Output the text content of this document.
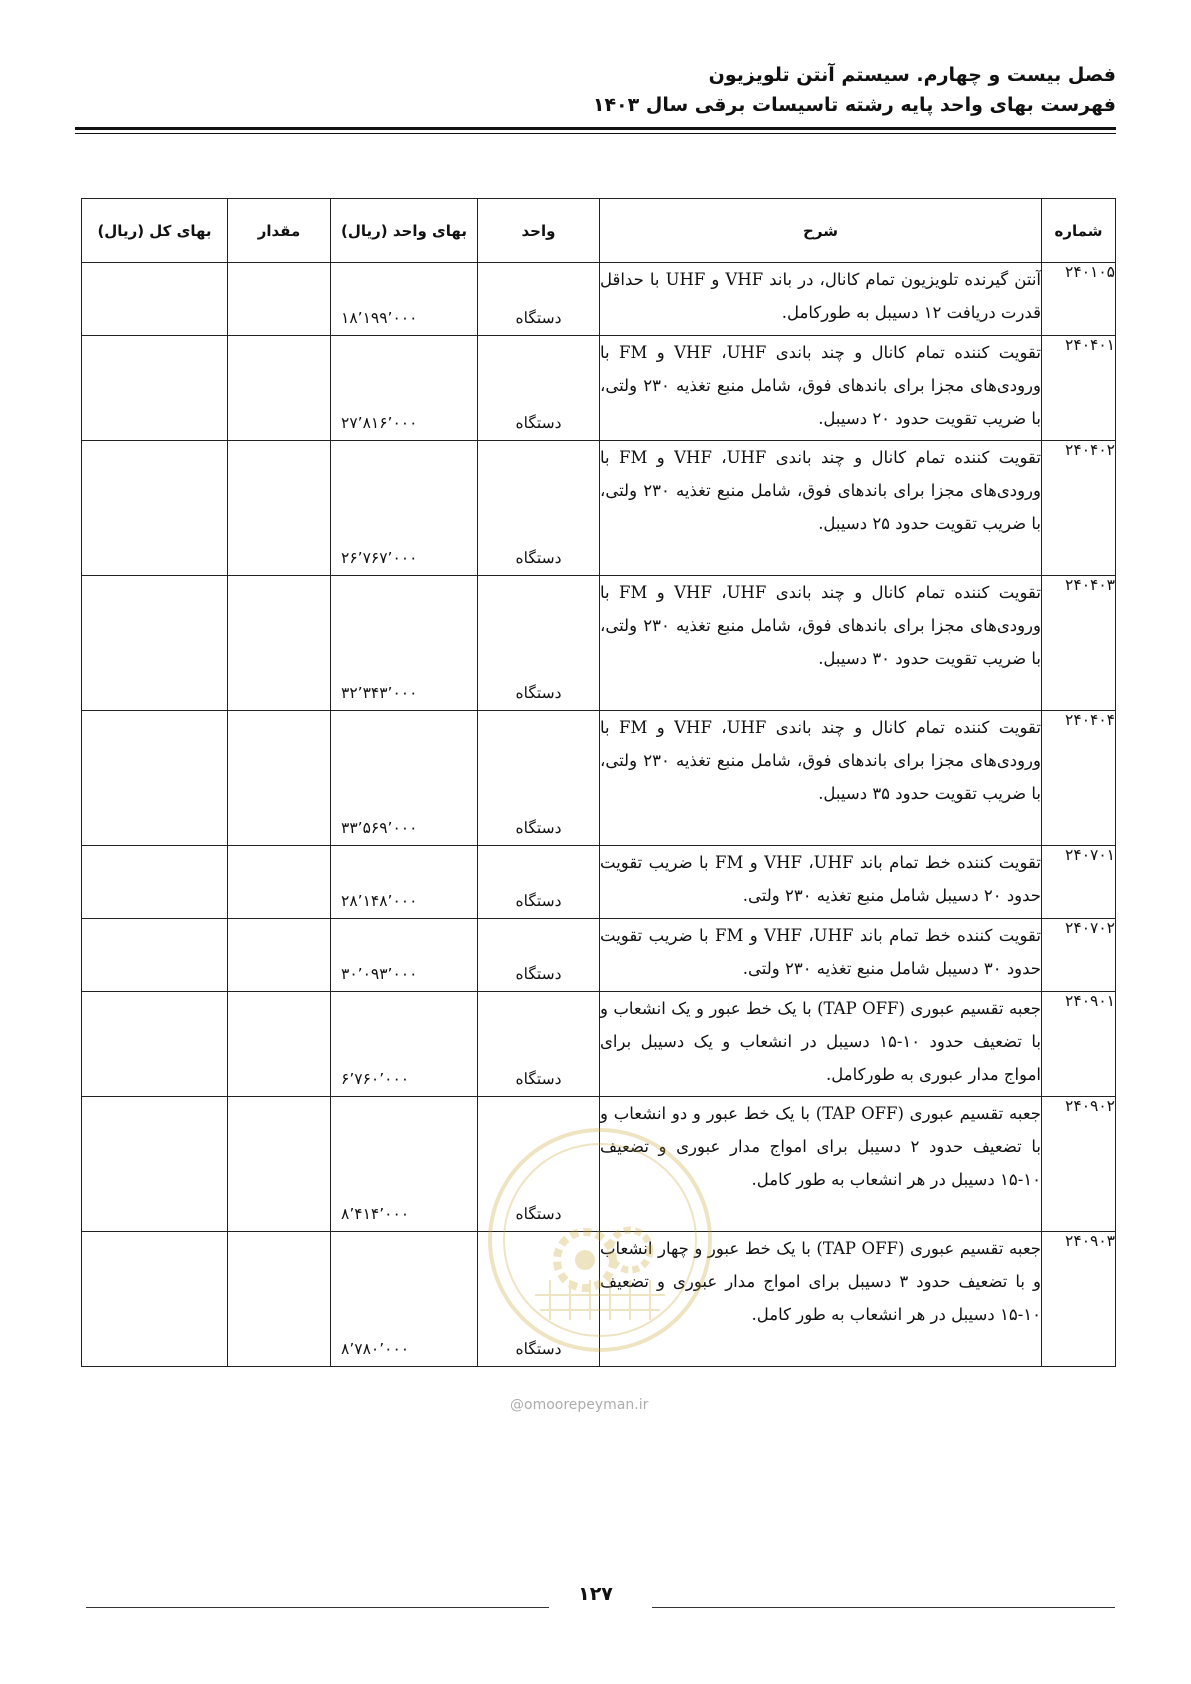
فصل بیست و چهارم. سیستم آنتن تلویزیون
فهرست بهای واحد پایه رشته تاسیسات برقی سال ۱۴۰۳
شماره	شرح	واحد	بهای واحد (ریال)	مقدار	بهای کل (ریال)
۲۴۰۱۰۵	آنتن گیرنده تلویزیون تمام کانال، در باند VHF و UHF با حداقل قدرت دریافت ۱۲ دسیبل به طورکامل.	دستگاه	۱۸٬۱۹۹٬۰۰۰		
۲۴۰۴۰۱	تقویت کننده تمام کانال و چند باندی VHF ،UHF و FM با ورودی‌های مجزا برای باندهای فوق، شامل منبع تغذیه ۲۳۰ ولتی، با ضریب تقویت حدود ۲۰ دسیبل.	دستگاه	۲۷٬۸۱۶٬۰۰۰		
۲۴۰۴۰۲	تقویت کننده تمام کانال و چند باندی VHF ،UHF و FM با ورودی‌های مجزا برای باندهای فوق، شامل منبع تغذیه ۲۳۰ ولتی، با ضریب تقویت حدود ۲۵ دسیبل.	دستگاه	۲۶٬۷۶۷٬۰۰۰		
۲۴۰۴۰۳	تقویت کننده تمام کانال و چند باندی VHF ،UHF و FM با ورودی‌های مجزا برای باندهای فوق، شامل منبع تغذیه ۲۳۰ ولتی، با ضریب تقویت حدود ۳۰ دسیبل.	دستگاه	۳۲٬۳۴۳٬۰۰۰		
۲۴۰۴۰۴	تقویت کننده تمام کانال و چند باندی VHF ،UHF و FM با ورودی‌های مجزا برای باندهای فوق، شامل منبع تغذیه ۲۳۰ ولتی، با ضریب تقویت حدود ۳۵ دسیبل.	دستگاه	۳۳٬۵۶۹٬۰۰۰		
۲۴۰۷۰۱	تقویت کننده خط تمام باند VHF ،UHF و FM با ضریب تقویت حدود ۲۰ دسیبل شامل منبع تغذیه ۲۳۰ ولتی.	دستگاه	۲۸٬۱۴۸٬۰۰۰		
۲۴۰۷۰۲	تقویت کننده خط تمام باند VHF ،UHF و FM با ضریب تقویت حدود ۳۰ دسیبل شامل منبع تغذیه ۲۳۰ ولتی.	دستگاه	۳۰٬۰۹۳٬۰۰۰		
۲۴۰۹۰۱	جعبه تقسیم عبوری (TAP OFF) با یک خط عبور و یک انشعاب و با تضعیف حدود ۱۰-۱۵ دسیبل در انشعاب و یک دسیبل برای امواج مدار عبوری به طورکامل.	دستگاه	۶٬۷۶۰٬۰۰۰		
۲۴۰۹۰۲	جعبه تقسیم عبوری (TAP OFF) با یک خط عبور و دو انشعاب و با تضعیف حدود ۲ دسیبل برای امواج مدار عبوری و تضعیف ۱۰-۱۵ دسیبل در هر انشعاب به طور کامل.	دستگاه	۸٬۴۱۴٬۰۰۰		
۲۴۰۹۰۳	جعبه تقسیم عبوری (TAP OFF) با یک خط عبور و چهار انشعاب و با تضعیف حدود ۳ دسیبل برای امواج مدار عبوری و تضعیف ۱۰-۱۵ دسیبل در هر انشعاب به طور کامل.	دستگاه	۸٬۷۸۰٬۰۰۰		
@omoorepeyman.ir
۱۲۷
